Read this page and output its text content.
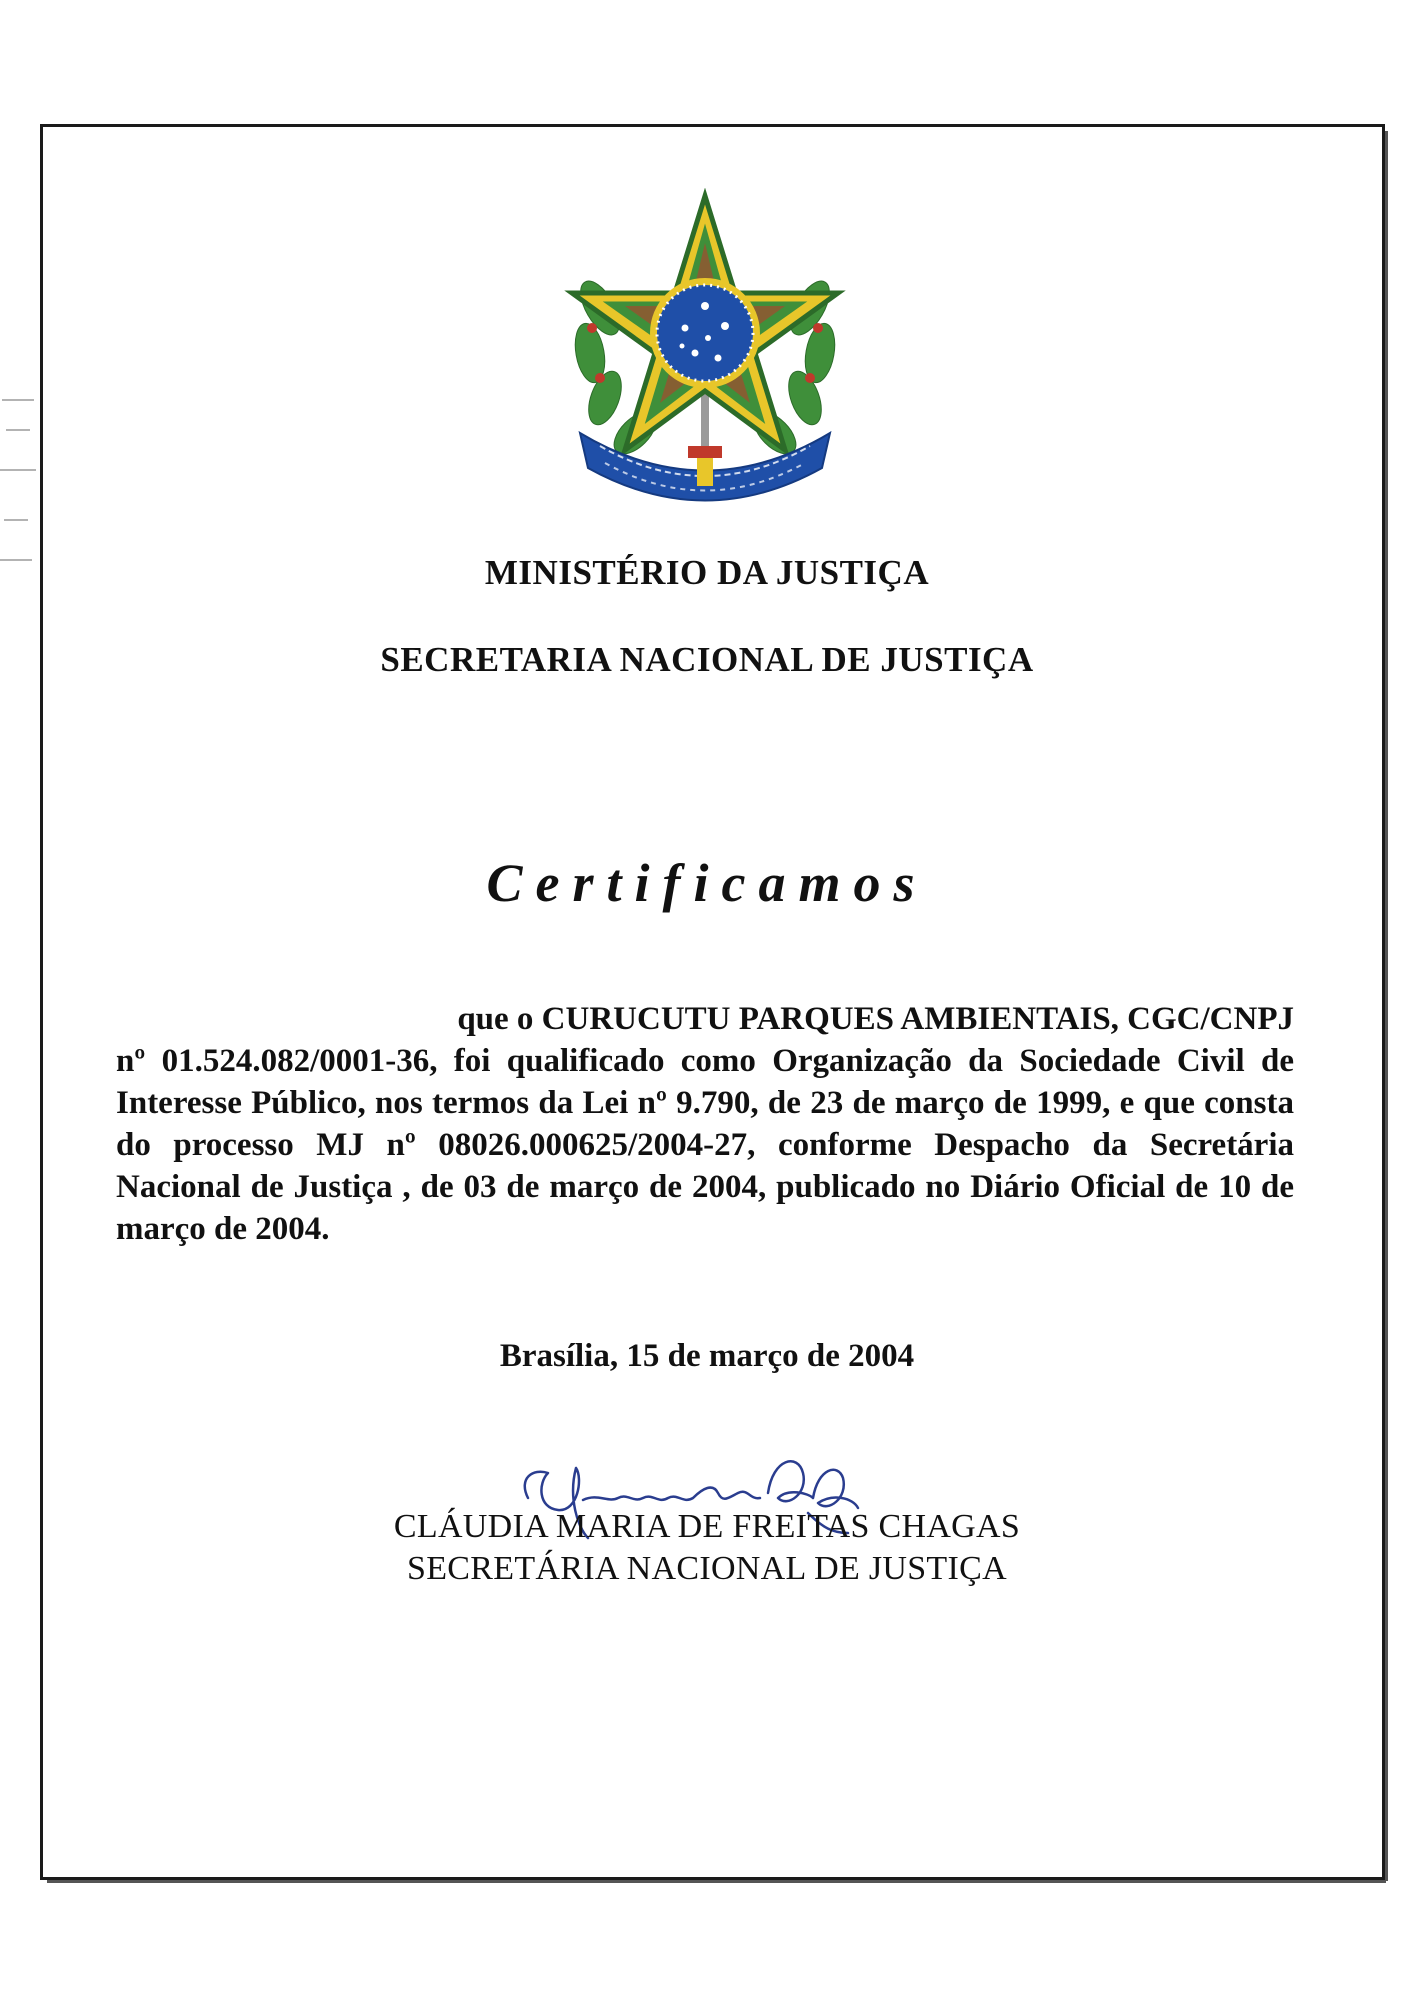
MINISTÉRIO DA JUSTIÇA
SECRETARIA NACIONAL DE JUSTIÇA
Certificamos
que o CURUCUTU PARQUES AMBIENTAIS, CGC/CNPJ
nº 01.524.082/0001-36, foi qualificado como Organização da Sociedade Civil de Interesse Público, nos termos da Lei nº 9.790, de 23 de março de 1999, e que consta do processo MJ nº 08026.000625/2004-27, conforme Despacho da Secretária Nacional de Justiça , de 03 de março de 2004, publicado no Diário Oficial de 10 de março de 2004.
Brasília, 15 de março de 2004
CLÁUDIA MARIA DE FREITAS CHAGAS
SECRETÁRIA NACIONAL DE JUSTIÇA
